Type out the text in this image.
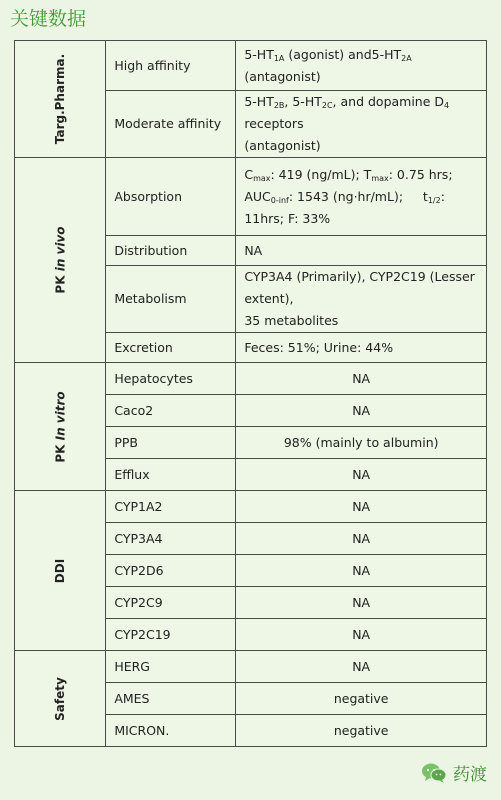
关键数据
Targ.Pharma.	High affinity	$5-HT_{1A}$ (agonist) $and5-HT_{2A}$ (antagonist)
	Moderate affinity	$5-HT_{2B}$, $5-HT_{2C}$, and dopamine $D_4$ receptors
(antagonist)
PK in vivo	Absorption	$C_{max}$: 419 (ng/mL); $T_{max}$: 0.75 hrs;
$AUC_{0-inf}$: 1543 (ng·hr/mL);     $t_{1/2}$: 11hrs; F: 33%
	Distribution	NA
	Metabolism	CYP3A4 (Primarily), CYP2C19 (Lesser extent),
35 metabolites
	Excretion	Feces: 51%; Urine: 44%
PK In vitro	Hepatocytes	NA
	Caco2	NA
	PPB	98% (mainly to albumin)
	Efflux	NA
DDI	CYP1A2	NA
	CYP3A4	NA
	CYP2D6	NA
	CYP2C9	NA
	CYP2C19	NA
Safety	HERG	NA
	AMES	negative
	MICRON.	negative
药渡
